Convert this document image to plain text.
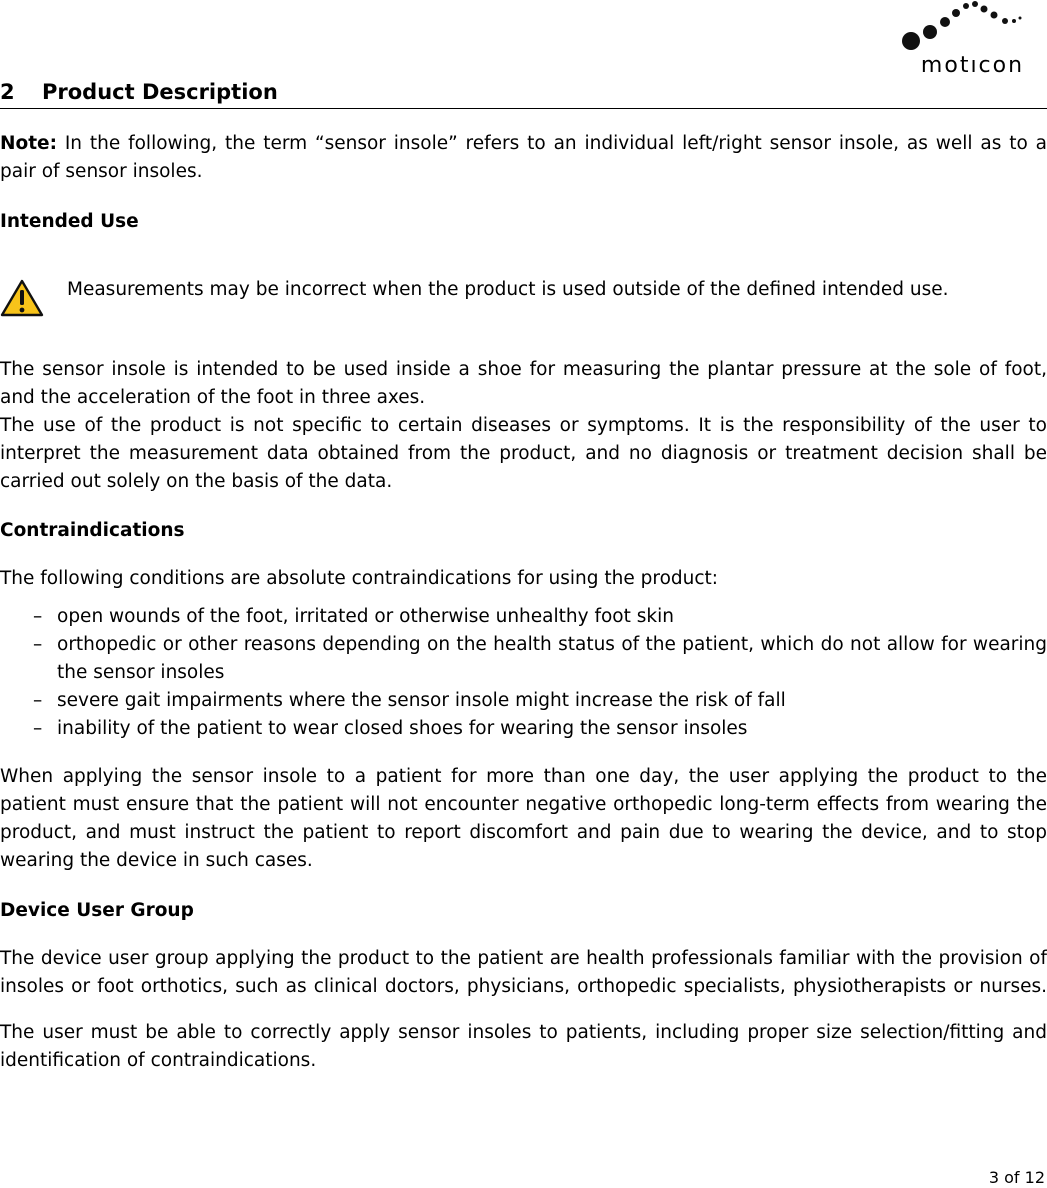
motıcon
2 Product Description
Note: In the following, the term “sensor insole” refers to an individual left/right sensor insole, as well as to a
pair of sensor insoles.
Intended Use
Measurements may be incorrect when the product is used outside of the defined intended use.
The sensor insole is intended to be used inside a shoe for measuring the plantar pressure at the sole of foot,
and the acceleration of the foot in three axes.
The use of the product is not specific to certain diseases or symptoms. It is the responsibility of the user to
interpret the measurement data obtained from the product, and no diagnosis or treatment decision shall be
carried out solely on the basis of the data.
Contraindications
The following conditions are absolute contraindications for using the product:
– open wounds of the foot, irritated or otherwise unhealthy foot skin
– orthopedic or other reasons depending on the health status of the patient, which do not allow for wearing the sensor insoles
– severe gait impairments where the sensor insole might increase the risk of fall
– inability of the patient to wear closed shoes for wearing the sensor insoles
When applying the sensor insole to a patient for more than one day, the user applying the product to the
patient must ensure that the patient will not encounter negative orthopedic long-term effects from wearing the
product, and must instruct the patient to report discomfort and pain due to wearing the device, and to stop
wearing the device in such cases.
Device User Group
The device user group applying the product to the patient are health professionals familiar with the provision of
insoles or foot orthotics, such as clinical doctors, physicians, orthopedic specialists, physiotherapists or nurses.
The user must be able to correctly apply sensor insoles to patients, including proper size selection/fitting and
identification of contraindications.
3 of 12
